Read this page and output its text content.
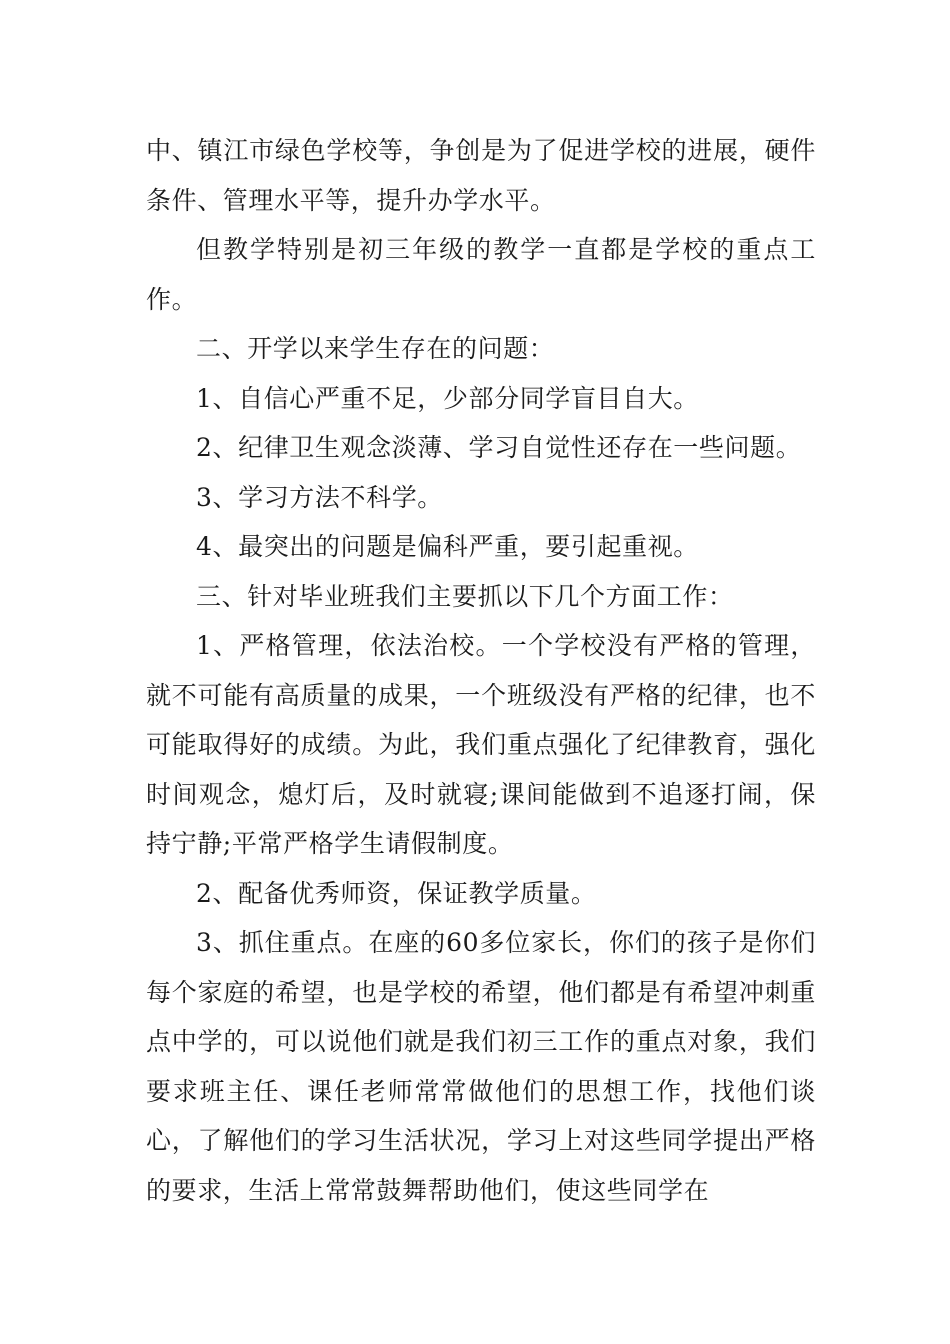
中、镇江市绿色学校等，争创是为了促进学校的进展，硬件条件、管理水平等，提升办学水平。

但教学特别是初三年级的教学一直都是学校的重点工作。

二、开学以来学生存在的问题：

1、自信心严重不足，少部分同学盲目自大。

2、纪律卫生观念淡薄、学习自觉性还存在一些问题。

3、学习方法不科学。

4、最突出的问题是偏科严重，要引起重视。

三、针对毕业班我们主要抓以下几个方面工作：

1、严格管理，依法治校。一个学校没有严格的管理，就不可能有高质量的成果，一个班级没有严格的纪律，也不可能取得好的成绩。为此，我们重点强化了纪律教育，强化时间观念，熄灯后，及时就寝;课间能做到不追逐打闹，保持宁静;平常严格学生请假制度。

2、配备优秀师资，保证教学质量。

3、抓住重点。在座的60多位家长，你们的孩子是你们每个家庭的希望，也是学校的希望，他们都是有希望冲刺重点中学的，可以说他们就是我们初三工作的重点对象，我们要求班主任、课任老师常常做他们的思想工作，找他们谈心，了解他们的学习生活状况，学习上对这些同学提出严格的要求，生活上常常鼓舞帮助他们，使这些同学在
